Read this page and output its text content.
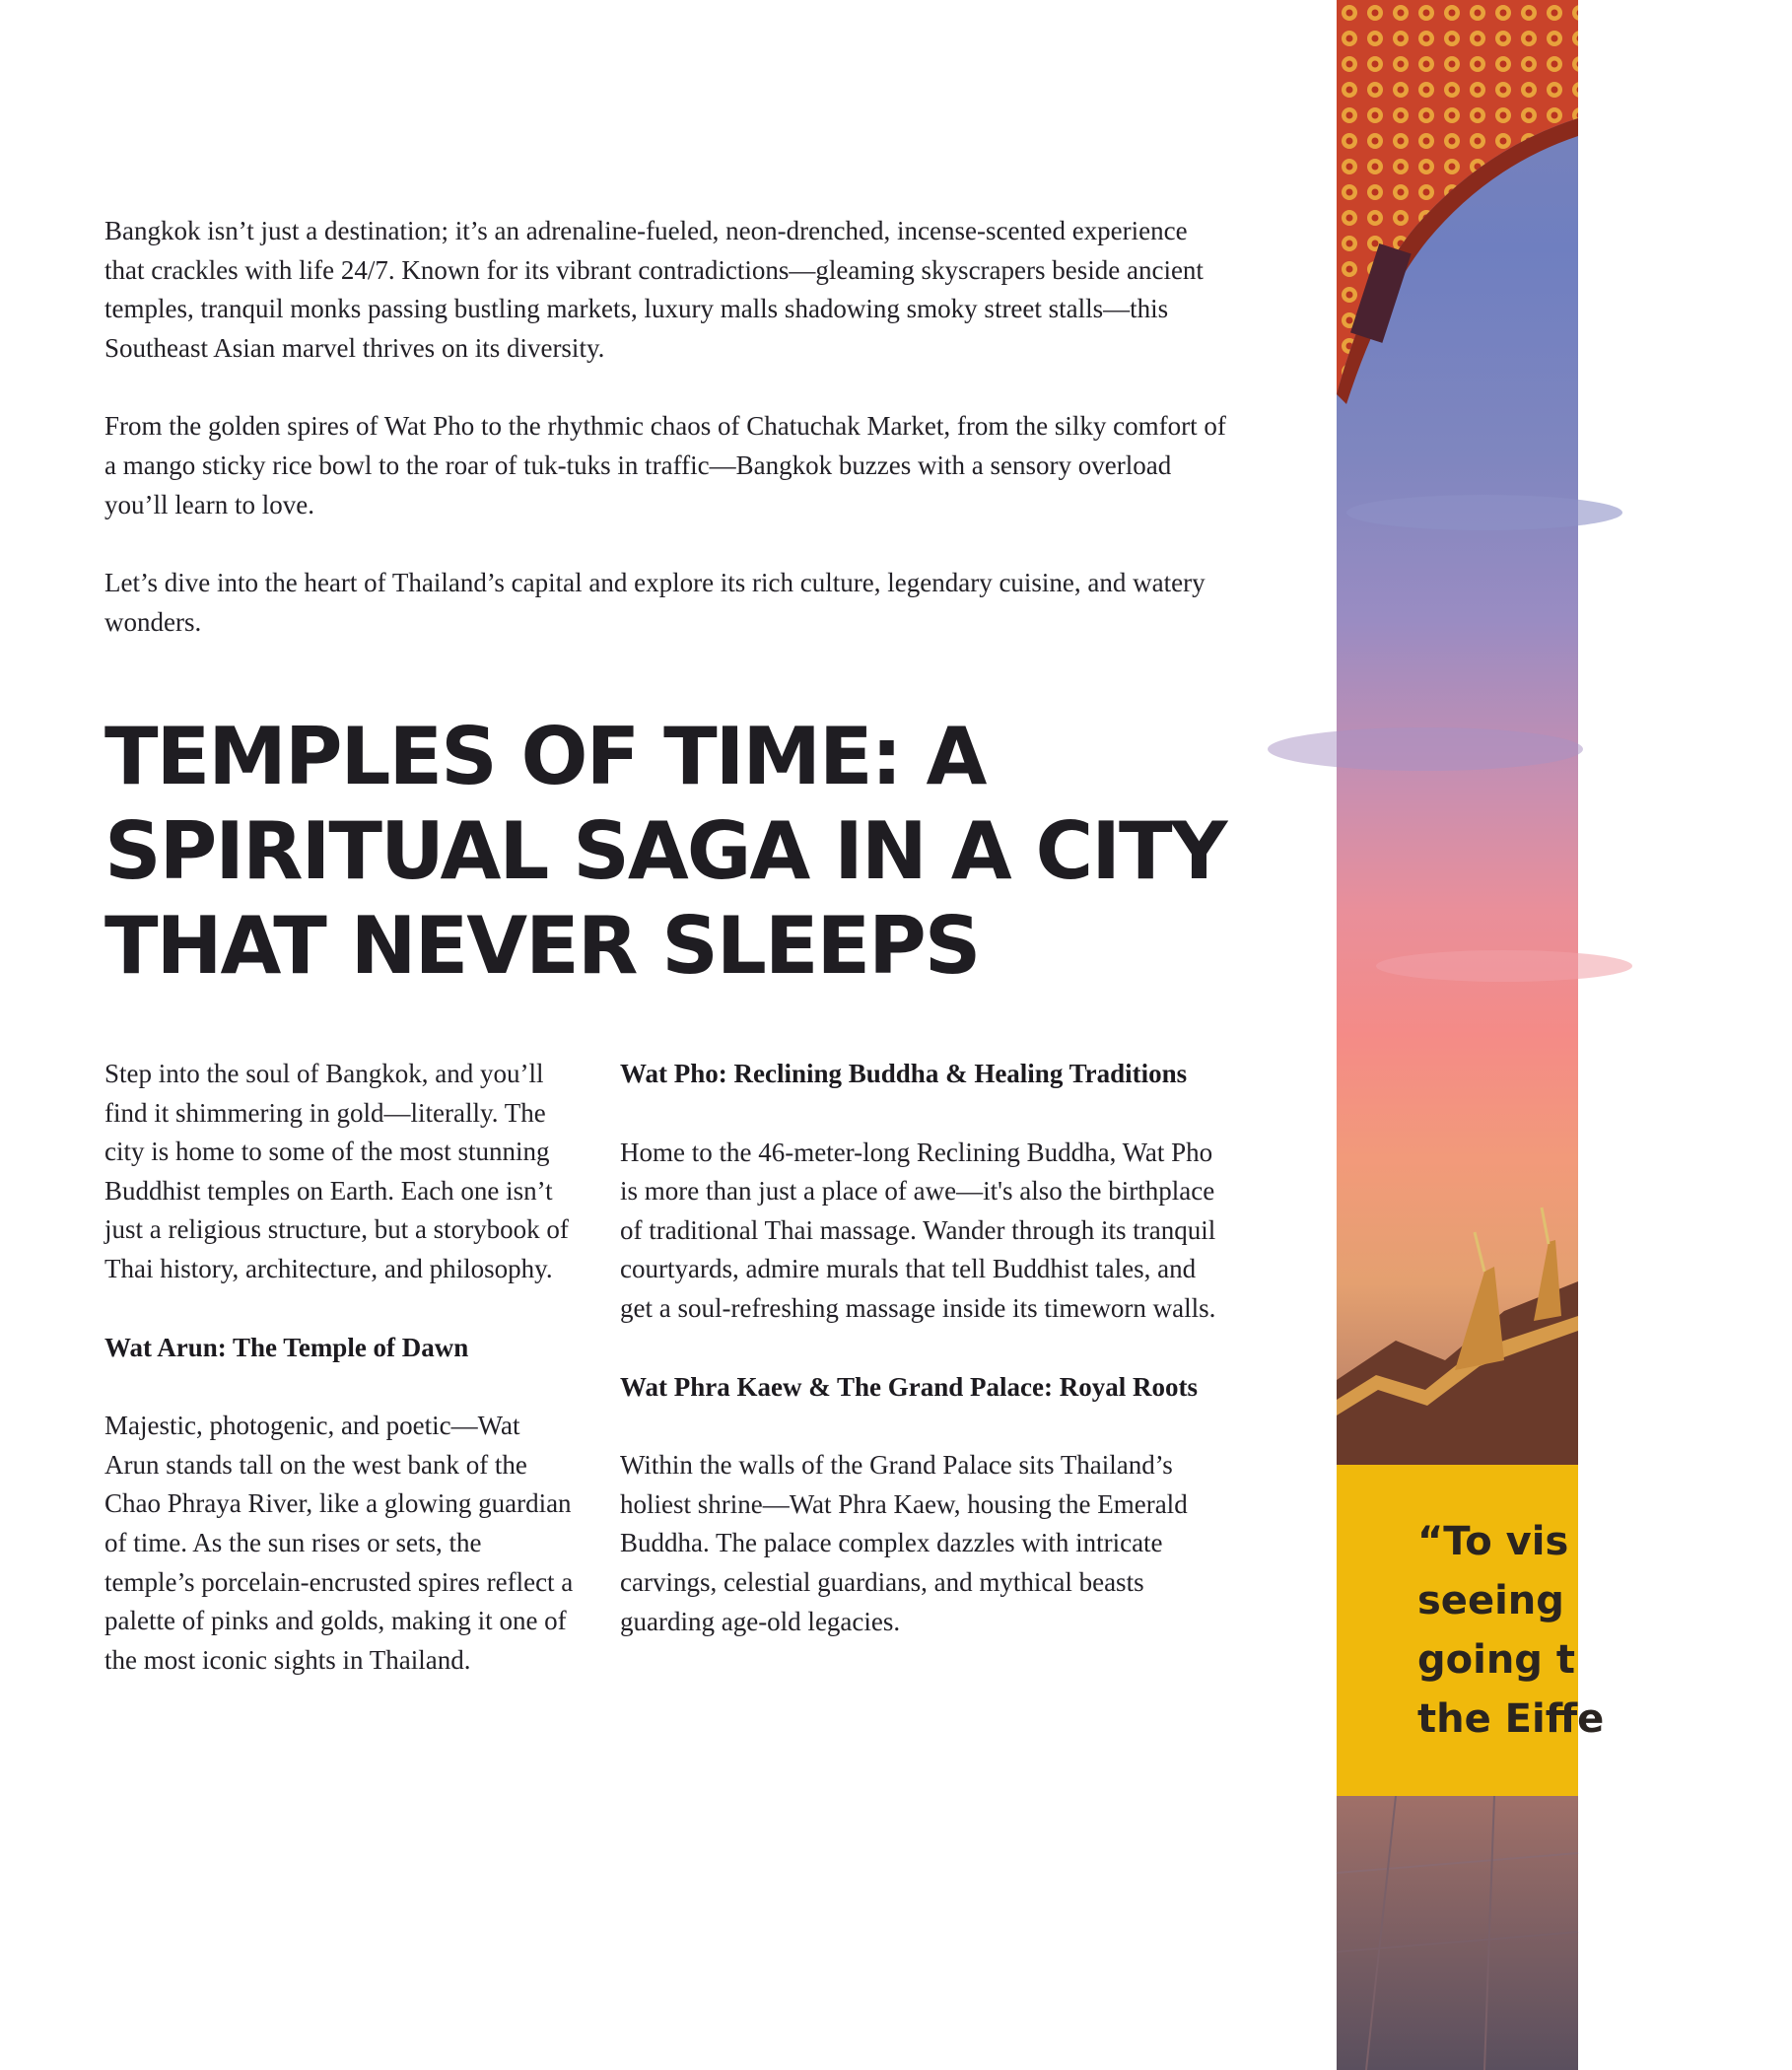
Bangkok isn’t just a destination; it’s an adrenaline-fueled, neon-drenched, incense-scented experience that crackles with life 24/7. Known for its vibrant contradictions—gleaming skyscrapers beside ancient temples, tranquil monks passing bustling markets, luxury malls shadowing smoky street stalls—this Southeast Asian marvel thrives on its diversity.

From the golden spires of Wat Pho to the rhythmic chaos of Chatuchak Market, from the silky comfort of a mango sticky rice bowl to the roar of tuk-tuks in traffic—Bangkok buzzes with a sensory overload you’ll learn to love.

Let’s dive into the heart of Thailand’s capital and explore its rich culture, legendary cuisine, and watery wonders.

TEMPLES OF TIME: A SPIRITUAL SAGA IN A CITY THAT NEVER SLEEPS

Step into the soul of Bangkok, and you’ll find it shimmering in gold—literally. The city is home to some of the most stunning Buddhist temples on Earth. Each one isn’t just a religious structure, but a storybook of Thai history, architecture, and philosophy.

Wat Arun: The Temple of Dawn

Majestic, photogenic, and poetic—Wat Arun stands tall on the west bank of the Chao Phraya River, like a glowing guardian of time. As the sun rises or sets, the temple’s porcelain-encrusted spires reflect a palette of pinks and golds, making it one of the most iconic sights in Thailand.

Wat Pho: Reclining Buddha & Healing Traditions

Home to the 46-meter-long Reclining Buddha, Wat Pho is more than just a place of awe—it's also the birthplace of traditional Thai massage. Wander through its tranquil courtyards, admire murals that tell Buddhist tales, and get a soul-refreshing massage inside its timeworn walls.

Wat Phra Kaew & The Grand Palace: Royal Roots

Within the walls of the Grand Palace sits Thailand’s holiest shrine—Wat Phra Kaew, housing the Emerald Buddha. The palace complex dazzles with intricate carvings, celestial guardians, and mythical beasts guarding age-old legacies.

“To vis
seeing
going t
the Eiffe
